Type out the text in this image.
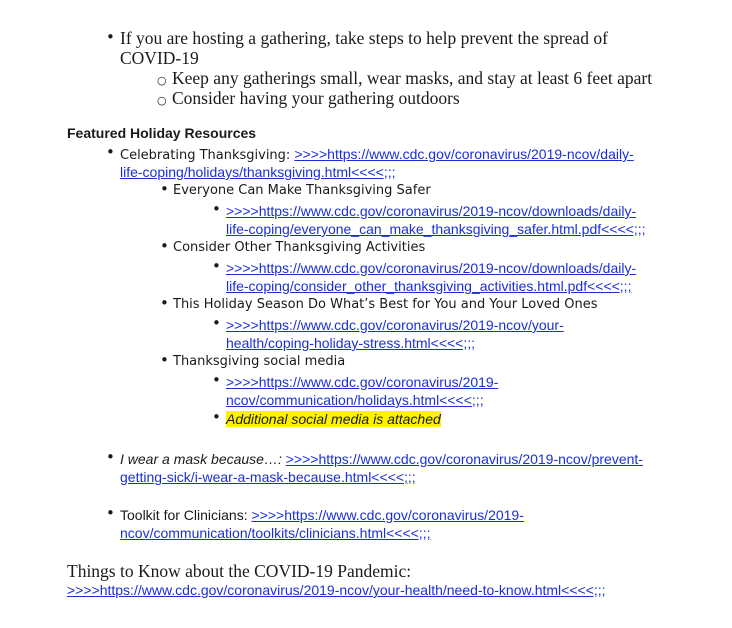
• If you are hosting a gathering, take steps to help prevent the spread of
COVID-19
○ Keep any gatherings small, wear masks, and stay at least 6 feet apart
○ Consider having your gathering outdoors
Featured Holiday Resources
• Celebrating Thanksgiving: >>>>https://www.cdc.gov/coronavirus/2019-ncov/daily-
life-coping/holidays/thanksgiving.html<<<<;;;
• Everyone Can Make Thanksgiving Safer
• >>>>https://www.cdc.gov/coronavirus/2019-ncov/downloads/daily-
life-coping/everyone_can_make_thanksgiving_safer.html.pdf<<<<;;;
• Consider Other Thanksgiving Activities
• >>>>https://www.cdc.gov/coronavirus/2019-ncov/downloads/daily-
life-coping/consider_other_thanksgiving_activities.html.pdf<<<<;;;
• This Holiday Season Do What’s Best for You and Your Loved Ones
• >>>>https://www.cdc.gov/coronavirus/2019-ncov/your-
health/coping-holiday-stress.html<<<<;;;
• Thanksgiving social media
• >>>>https://www.cdc.gov/coronavirus/2019-
ncov/communication/holidays.html<<<<;;;
• Additional social media is attached
• I wear a mask because…: >>>>https://www.cdc.gov/coronavirus/2019-ncov/prevent-
getting-sick/i-wear-a-mask-because.html<<<<;;;
• Toolkit for Clinicians: >>>>https://www.cdc.gov/coronavirus/2019-
ncov/communication/toolkits/clinicians.html<<<<;;;
Things to Know about the COVID-19 Pandemic:
>>>>https://www.cdc.gov/coronavirus/2019-ncov/your-health/need-to-know.html<<<<;;;
